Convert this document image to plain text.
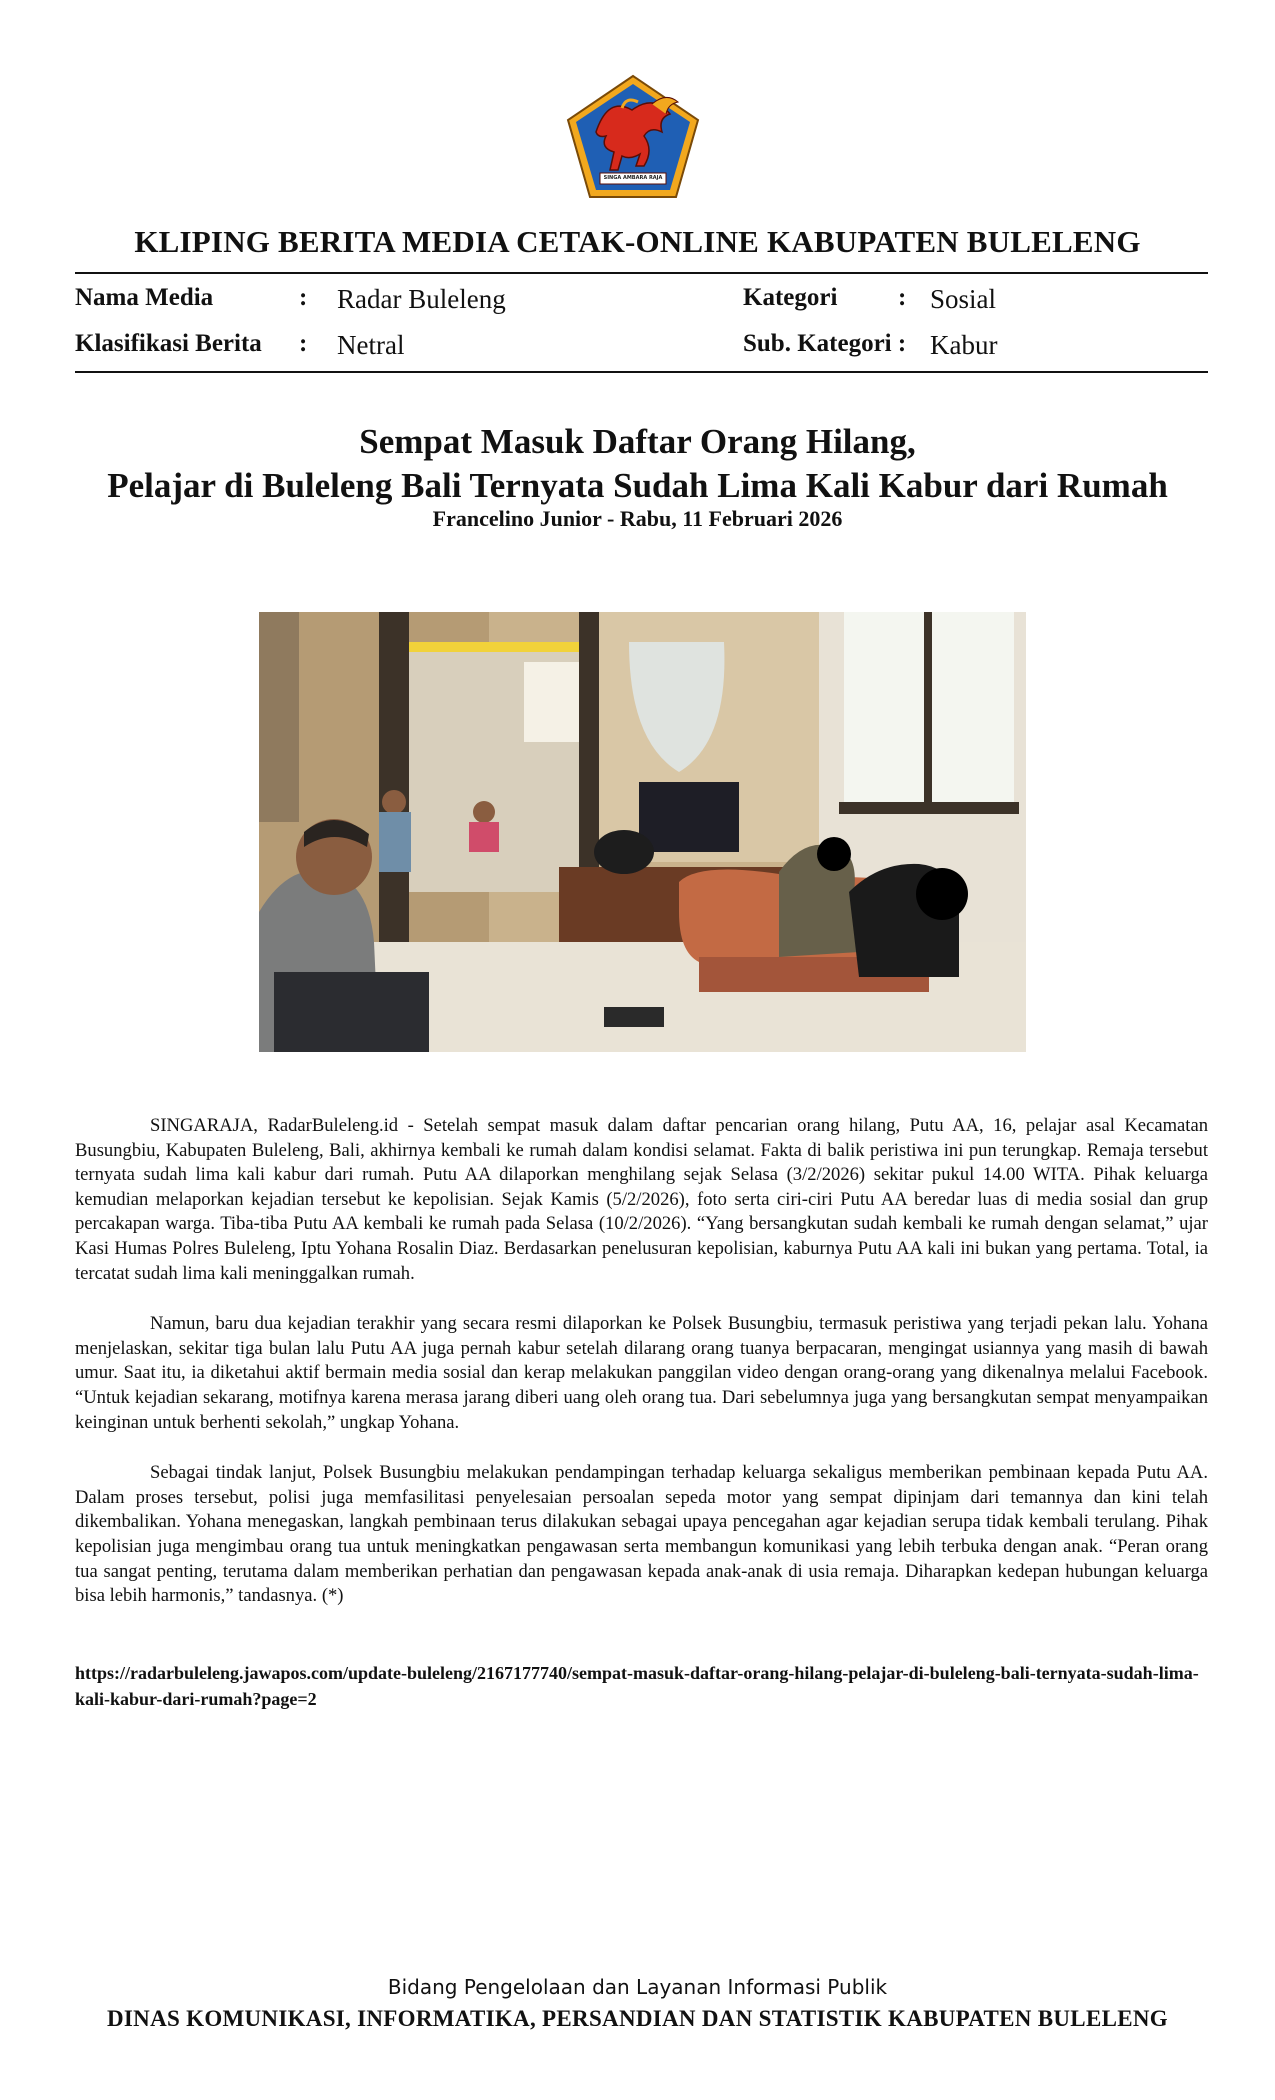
SINGA AMBARA RAJA
KLIPING BERITA MEDIA CETAK-ONLINE KABUPATEN BULELENG
Nama Media	: Radar Buleleng	Kategori : Sosial
Klasifikasi Berita : Netral	Sub. Kategori : Kabur
Sempat Masuk Daftar Orang Hilang,
Pelajar di Buleleng Bali Ternyata Sudah Lima Kali Kabur dari Rumah
Francelino Junior - Rabu, 11 Februari 2026

SINGARAJA, RadarBuleleng.id - Setelah sempat masuk dalam daftar pencarian orang hilang, Putu AA, 16, pelajar asal Kecamatan Busungbiu, Kabupaten Buleleng, Bali, akhirnya kembali ke rumah dalam kondisi selamat. Fakta di balik peristiwa ini pun terungkap. Remaja tersebut ternyata sudah lima kali kabur dari rumah. Putu AA dilaporkan menghilang sejak Selasa (3/2/2026) sekitar pukul 14.00 WITA. Pihak keluarga kemudian melaporkan kejadian tersebut ke kepolisian. Sejak Kamis (5/2/2026), foto serta ciri-ciri Putu AA beredar luas di media sosial dan grup percakapan warga. Tiba-tiba Putu AA kembali ke rumah pada Selasa (10/2/2026). “Yang bersangkutan sudah kembali ke rumah dengan selamat,” ujar Kasi Humas Polres Buleleng, Iptu Yohana Rosalin Diaz. Berdasarkan penelusuran kepolisian, kaburnya Putu AA kali ini bukan yang pertama. Total, ia tercatat sudah lima kali meninggalkan rumah.

Namun, baru dua kejadian terakhir yang secara resmi dilaporkan ke Polsek Busungbiu, termasuk peristiwa yang terjadi pekan lalu. Yohana menjelaskan, sekitar tiga bulan lalu Putu AA juga pernah kabur setelah dilarang orang tuanya berpacaran, mengingat usiannya yang masih di bawah umur. Saat itu, ia diketahui aktif bermain media sosial dan kerap melakukan panggilan video dengan orang-orang yang dikenalnya melalui Facebook. “Untuk kejadian sekarang, motifnya karena merasa jarang diberi uang oleh orang tua. Dari sebelumnya juga yang bersangkutan sempat menyampaikan keinginan untuk berhenti sekolah,” ungkap Yohana.

Sebagai tindak lanjut, Polsek Busungbiu melakukan pendampingan terhadap keluarga sekaligus memberikan pembinaan kepada Putu AA. Dalam proses tersebut, polisi juga memfasilitasi penyelesaian persoalan sepeda motor yang sempat dipinjam dari temannya dan kini telah dikembalikan. Yohana menegaskan, langkah pembinaan terus dilakukan sebagai upaya pencegahan agar kejadian serupa tidak kembali terulang. Pihak kepolisian juga mengimbau orang tua untuk meningkatkan pengawasan serta membangun komunikasi yang lebih terbuka dengan anak. “Peran orang tua sangat penting, terutama dalam memberikan perhatian dan pengawasan kepada anak-anak di usia remaja. Diharapkan kedepan hubungan keluarga bisa lebih harmonis,” tandasnya. (*)

https://radarbuleleng.jawapos.com/update-buleleng/2167177740/sempat-masuk-daftar-orang-hilang-pelajar-di-buleleng-bali-ternyata-sudah-lima-kali-kabur-dari-rumah?page=2
Bidang Pengelolaan dan Layanan Informasi Publik
DINAS KOMUNIKASI, INFORMATIKA, PERSANDIAN DAN STATISTIK KABUPATEN BULELENG
